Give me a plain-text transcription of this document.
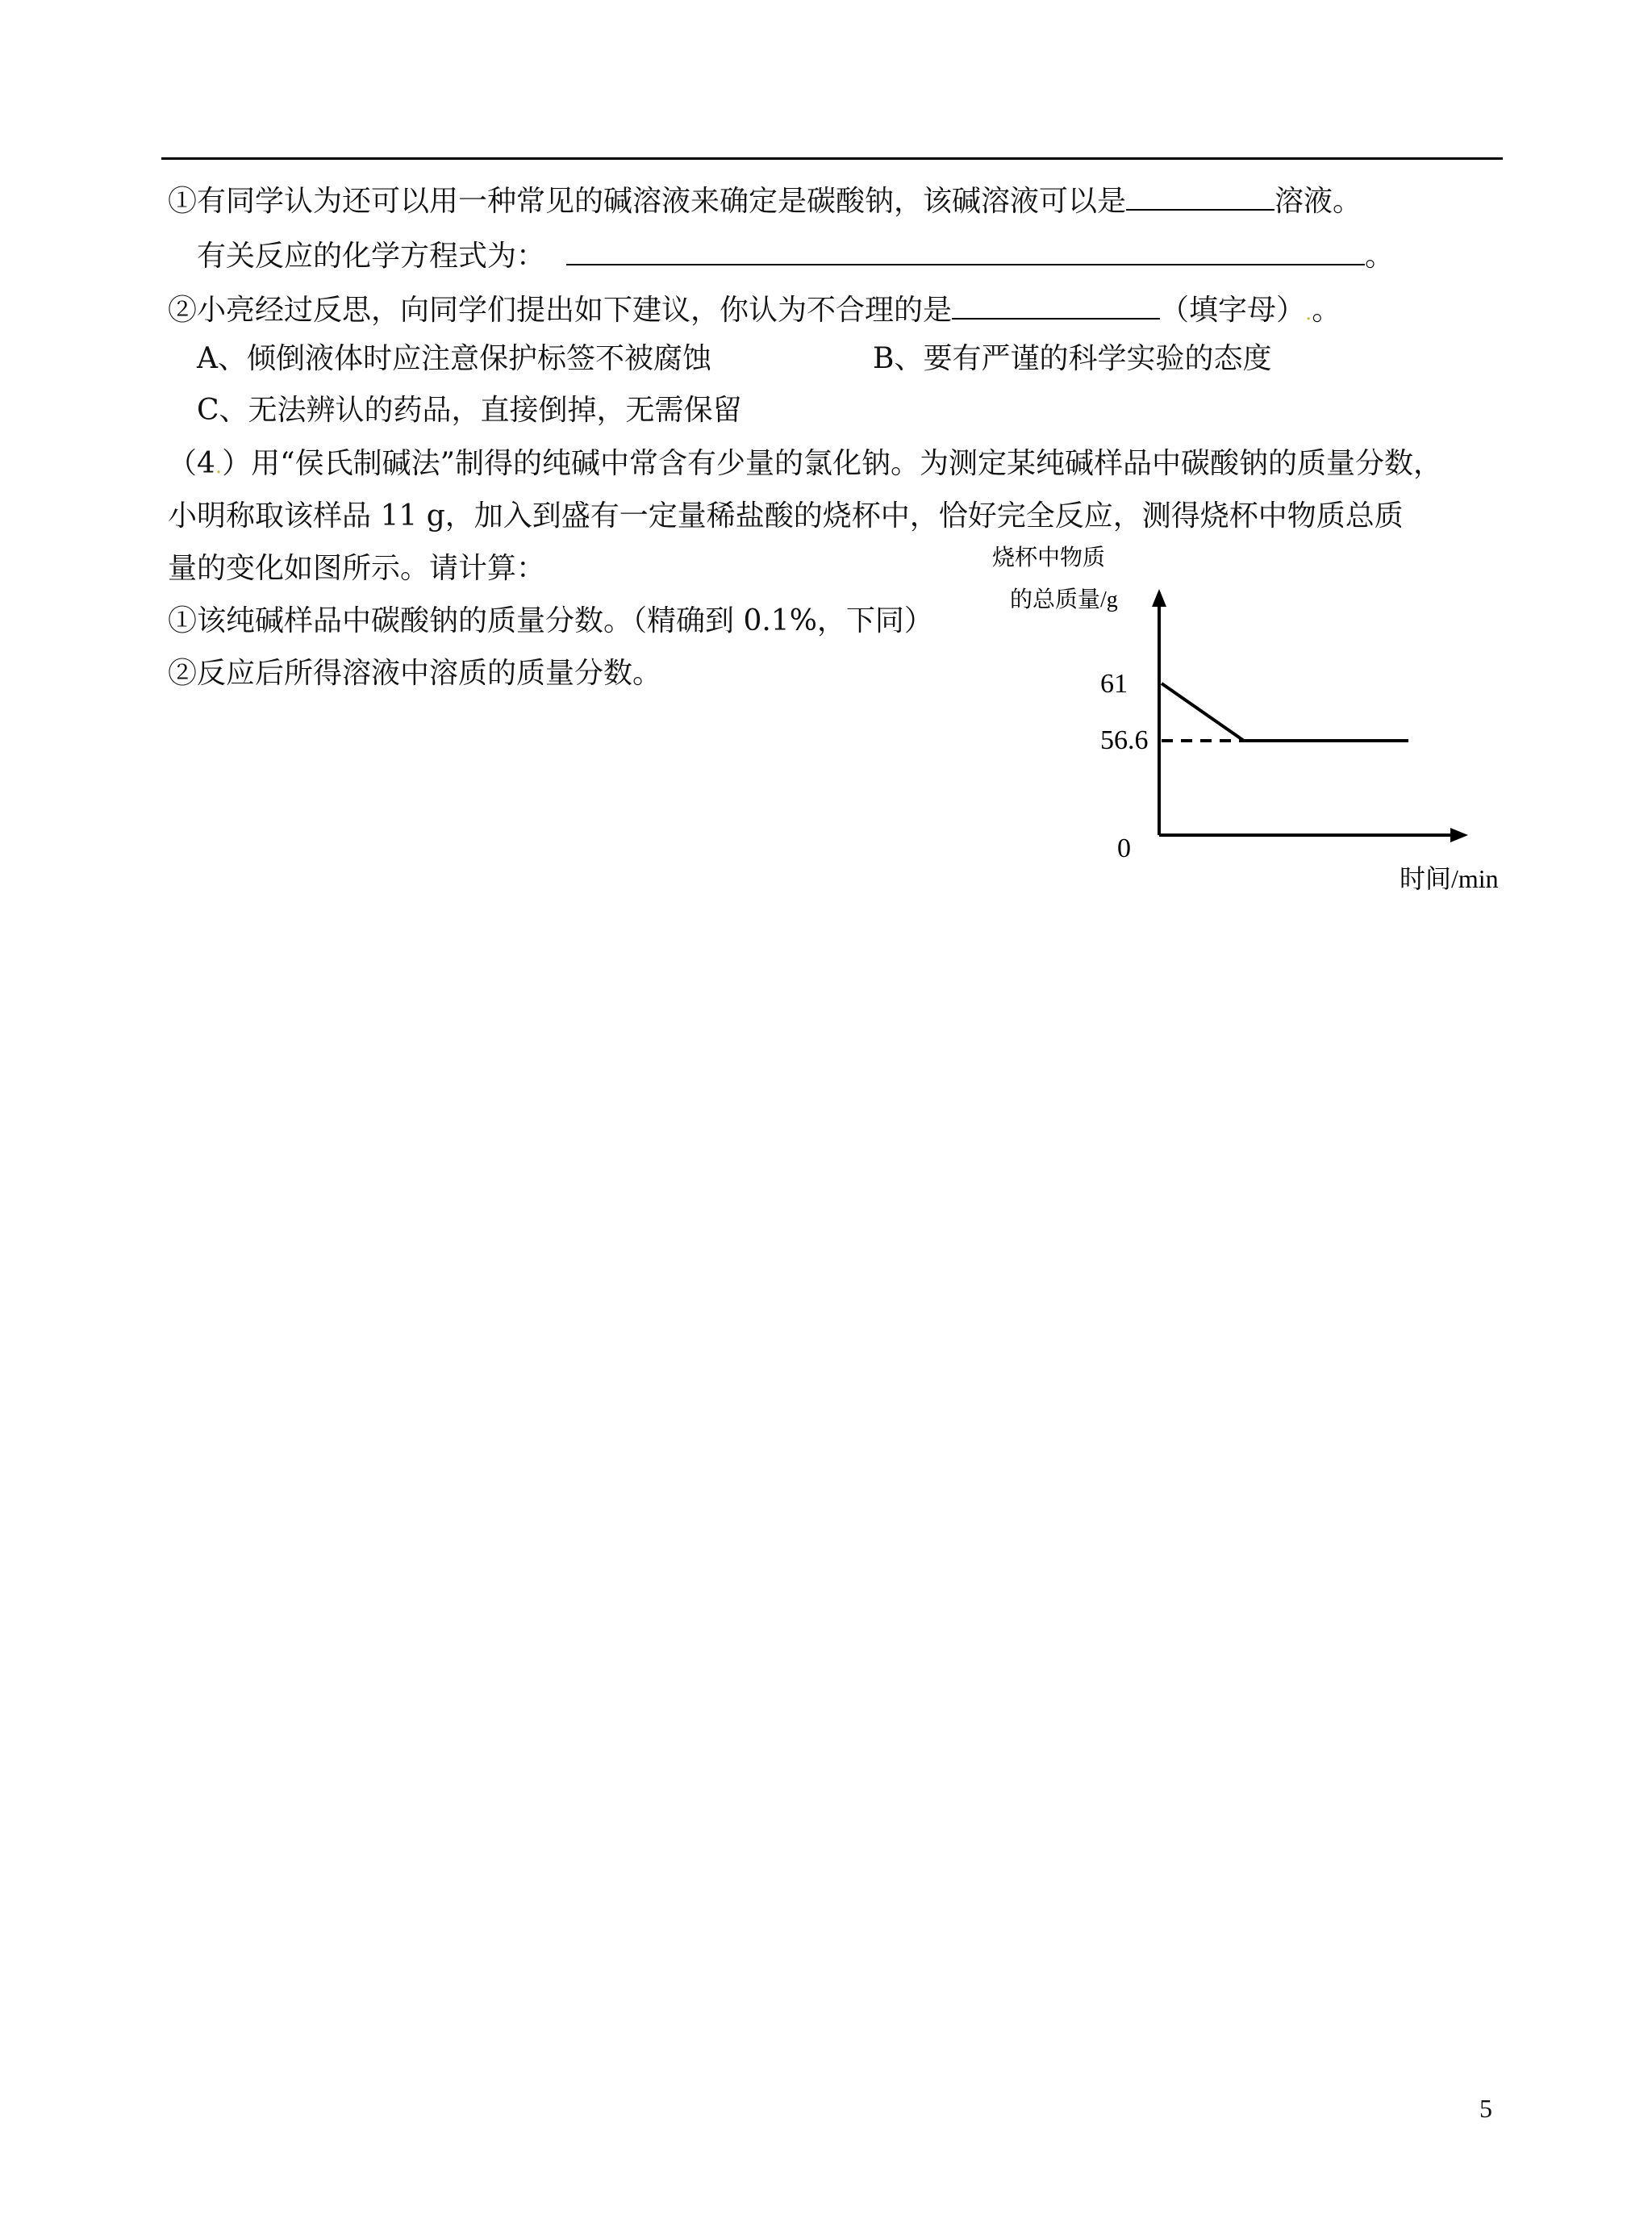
①有同学认为还可以用一种常见的碱溶液来确定是碳酸钠，该碱溶液可以是	溶液。
有关反应的化学方程式为：	。
②小亮经过反思，向同学们提出如下建议，你认为不合理的是	（填字母）.。
A、倾倒液体时应注意保护标签不被腐蚀	B、要有严谨的科学实验的态度
C、无法辨认的药品，直接倒掉，无需保留
（4.）用“侯氏制碱法”制得的纯碱中常含有少量的氯化钠。为测定某纯碱样品中碳酸钠的质量分数，
小明称取该样品 11 g，加入到盛有一定量稀盐酸的烧杯中，恰好完全反应，测得烧杯中物质总质
量的变化如图所示。请计算：
①该纯碱样品中碳酸钠的质量分数。（精确到 0.1%，下同）
②反应后所得溶液中溶质的质量分数。
烧杯中物质
的总质量/g
61
56.6
0
时间/min
5
